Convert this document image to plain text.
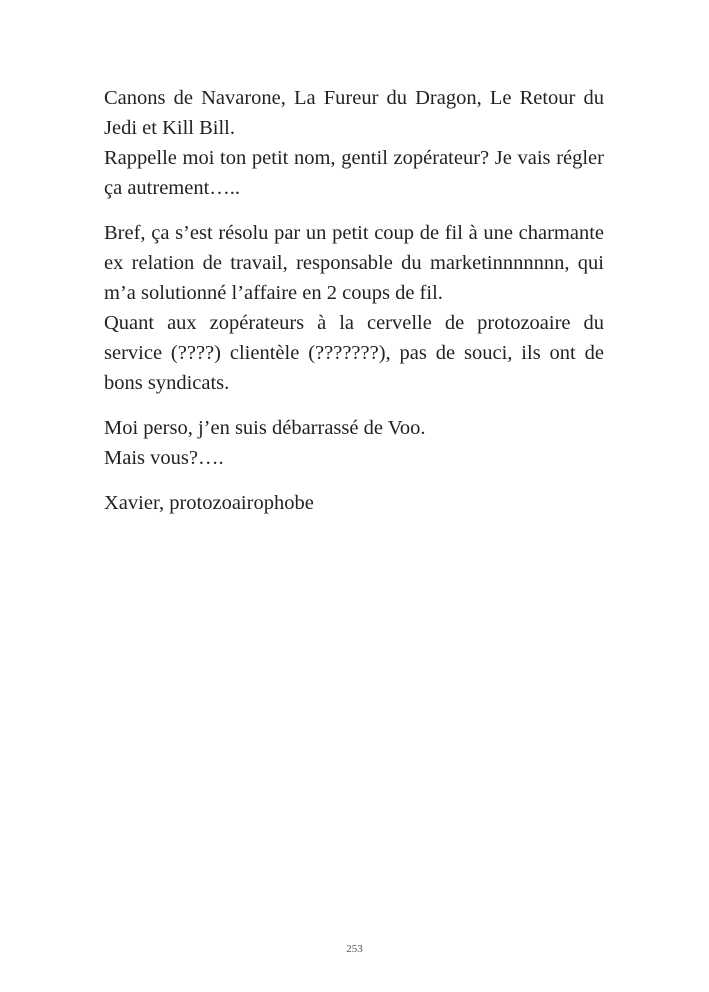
Canons de Navarone, La Fureur du Dragon, Le Retour du Jedi et Kill Bill.

Rappelle moi ton petit nom, gentil zopérateur? Je vais régler ça autrement…..

Bref, ça s’est résolu par un petit coup de fil à une charmante ex relation de travail, responsable du marketinnnnnnn, qui m’a solutionné l’affaire en 2 coups de fil.

Quant aux zopérateurs à la cervelle de protozoaire du service (????) clientèle (???????), pas de souci, ils ont de bons syndicats.

Moi perso, j’en suis débarrassé de Voo.

Mais vous?….

Xavier, protozoairophobe

253
